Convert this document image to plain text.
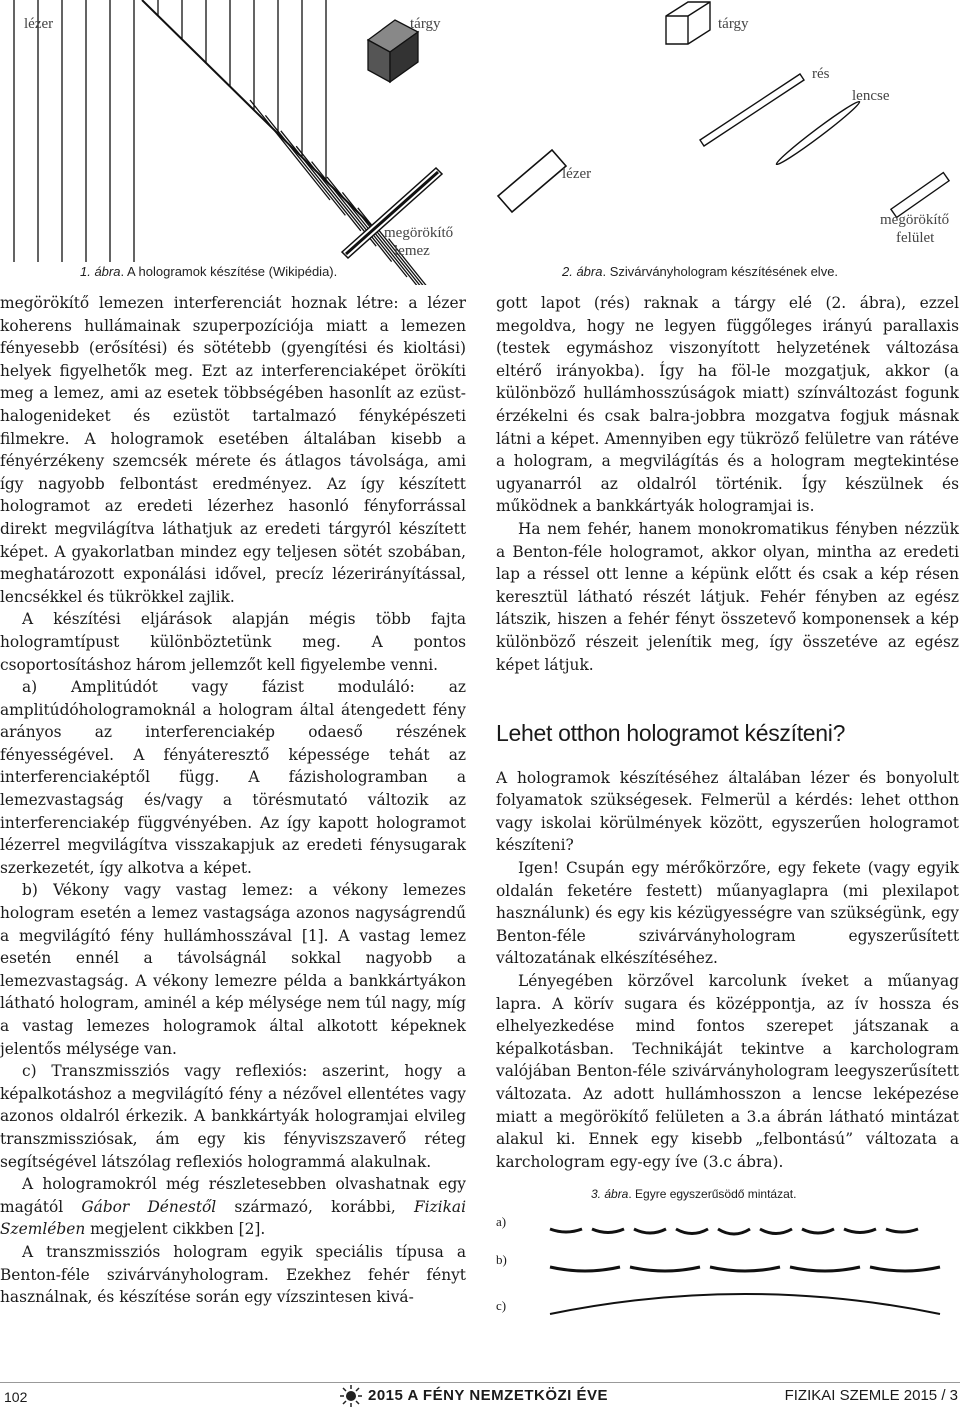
lézer	tárgy
megörökítő
lemez
1. ábra. A hologramok készítése (Wikipédia).
tárgy
rés
lencse
lézer
megörökítő
felület
2. ábra. Szivárványhologram készítésének elve.

megörökítő lemezen interferenciát hoznak létre: a lézer koherens hullámainak szuperpozíciója miatt a lemezen fényesebb (erősítési) és sötétebb (gyengítési és kioltási) helyek figyelhetők meg. Ezt az interferenciaképet örökíti meg a lemez, ami az esetek többségében hasonlít az ezüst-halogenideket és ezüstöt tartalmazó fényképészeti filmekre. A hologramok esetében általában kisebb a fényérzékeny szemcsék mérete és átlagos távolsága, ami így nagyobb felbontást eredményez. Az így készített hologramot az eredeti lézerhez hasonló fényforrással direkt megvilágítva láthatjuk az eredeti tárgyról készített képet. A gyakorlatban mindez egy teljesen sötét szobában, meghatározott exponálási idővel, precíz lézerirányítással, lencsékkel és tükrökkel zajlik.

A készítési eljárások alapján mégis több fajta hologramtípust különböztetünk meg. A pontos csoportosításhoz három jellemzőt kell figyelembe venni.

a) Amplitúdót vagy fázist moduláló: az amplitúdóhologramoknál a hologram által átengedett fény arányos az interferenciakép odaeső részének fényességével. A fényáteresztő képessége tehát az interferenciaképtől függ. A fázishologramban a lemezvastagság és/vagy a törésmutató változik az interferenciakép függvényében. Az így kapott hologramot lézerrel megvilágítva visszakapjuk az eredeti fénysugarak szerkezetét, így alkotva a képet.

b) Vékony vagy vastag lemez: a vékony lemezes hologram esetén a lemez vastagsága azonos nagyságrendű a megvilágító fény hullámhosszával [1]. A vastag lemez esetén ennél a távolságnál sokkal nagyobb a lemezvastagság. A vékony lemezre példa a bankkártyákon látható hologram, aminél a kép mélysége nem túl nagy, míg a vastag lemezes hologramok által alkotott képeknek jelentős mélysége van.

c) Transzmissziós vagy reflexiós: aszerint, hogy a képalkotáshoz a megvilágító fény a nézővel ellentétes vagy azonos oldalról érkezik. A bankkártyák hologramjai elvileg transzmissziósak, ám egy kis fényviszszaverő réteg segítségével látszólag reflexiós hologrammá alakulnak.

A hologramokról még részletesebben olvashatnak egy magától Gábor Dénestől származó, korábbi, Fizikai Szemlében megjelent cikkben [2].

A transzmissziós hologram egyik speciális típusa a Benton-féle szivárványhologram. Ezekhez fehér fényt használnak, és készítése során egy vízszintesen kivá-

gott lapot (rés) raknak a tárgy elé (2. ábra), ezzel megoldva, hogy ne legyen függőleges irányú parallaxis (testek egymáshoz viszonyított helyzetének változása eltérő irányokba). Így ha föl-le mozgatjuk, akkor (a különböző hullámhosszúságok miatt) színváltozást fogunk érzékelni és csak balra-jobbra mozgatva fogjuk másnak látni a képet. Amennyiben egy tükröző felületre van rátéve a hologram, a megvilágítás és a hologram megtekintése ugyanarról az oldalról történik. Így készülnek és működnek a bankkártyák hologramjai is.

Ha nem fehér, hanem monokromatikus fényben nézzük a Benton-féle hologramot, akkor olyan, mintha az eredeti lap a réssel ott lenne a képünk előtt és csak a kép résen keresztül látható részét látjuk. Fehér fényben az egész látszik, hiszen a fehér fényt összetevő komponensek a kép különböző részeit jelenítik meg, így összetéve az egész képet látjuk.

Lehet otthon hologramot készíteni?

A hologramok készítéséhez általában lézer és bonyolult folyamatok szükségesek. Felmerül a kérdés: lehet otthon vagy iskolai körülmények között, egyszerűen hologramot készíteni?

Igen! Csupán egy mérőkörzőre, egy fekete (vagy egyik oldalán feketére festett) műanyaglapra (mi plexilapot használunk) és egy kis kézügyességre van szükségünk, egy Benton-féle szivárványhologram egyszerűsített változatának elkészítéséhez.

Lényegében körzővel karcolunk íveket a műanyag lapra. A körív sugara és középpontja, az ív hossza és elhelyezkedése mind fontos szerepet játszanak a képalkotásban. Technikáját tekintve a karchologram valójában Benton-féle szivárványhologram leegyszerűsített változata. Az adott hullámhosszon a lencse leképezése miatt a megörökítő felületen a 3.a ábrán látható mintázat alakul ki. Ennek egy kisebb „felbontású” változata a karchologram egy-egy íve (3.c ábra).

3. ábra. Egyre egyszerűsödő mintázat.
a)
b)
c)
102	2015 A FÉNY NEMZETKÖZI ÉVE	FIZIKAI SZEMLE 2015 / 3
